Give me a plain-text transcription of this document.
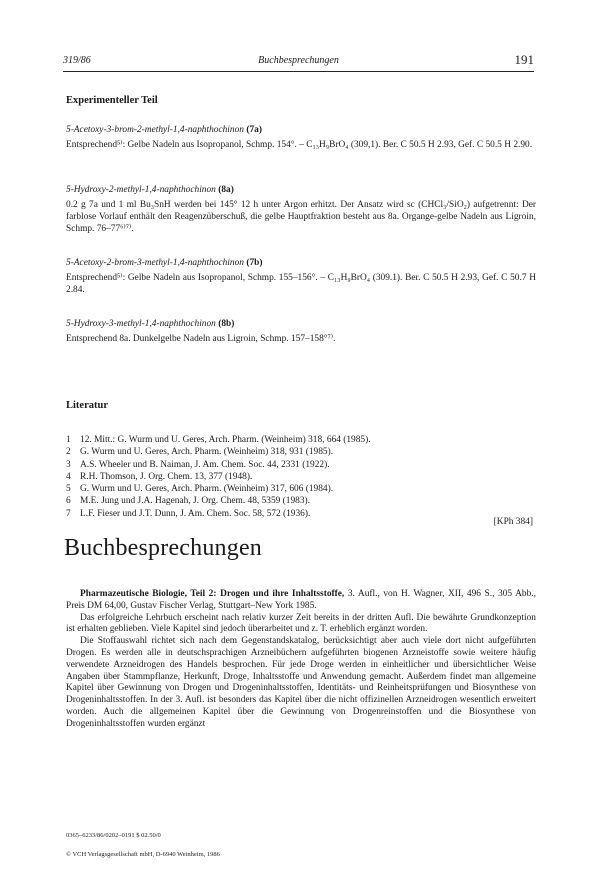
319/86	Buchbesprechungen	191

Experimenteller Teil

5-Acetoxy-3-brom-2-methyl-1,4-naphthochinon (7a)

Entsprechend⁵⁾: Gelbe Nadeln aus Isopropanol, Schmp. 154°. – C₁₃H₉BrO₄ (309,1). Ber. C 50.5 H 2.93, Gef. C 50.5 H 2.90.

5-Hydroxy-2-methyl-1,4-naphthochinon (8a)

0.2 g 7a und 1 ml Bu₃SnH werden bei 145° 12 h unter Argon erhitzt. Der Ansatz wird sc (CHCl₃/SiO₂) aufgetrennt: Der farblose Vorlauf enthält den Reagenzüberschuß, die gelbe Hauptfraktion besteht aus 8a. Organge-gelbe Nadeln aus Ligroin, Schmp. 76–77⁶⁾⁷⁾.

5-Acetoxy-2-brom-3-methyl-1,4-naphthochinon (7b)

Entsprechend⁵⁾: Gelbe Nadeln aus Isopropanol, Schmp. 155–156°. – C₁₃H₉BrO₄ (309.1). Ber. C 50.5 H 2.93, Gef. C 50.7 H 2.84.

5-Hydroxy-3-methyl-1,4-naphthochinon (8b)

Entsprechend 8a. Dunkelgelbe Nadeln aus Ligroin, Schmp. 157–158°⁷⁾.

Literatur

1 12. Mitt.: G. Wurm und U. Geres, Arch. Pharm. (Weinheim) 318, 664 (1985).
2 G. Wurm und U. Geres, Arch. Pharm. (Weinheim) 318, 931 (1985).
3 A.S. Wheeler und B. Naiman, J. Am. Chem. Soc. 44, 2331 (1922).
4 R.H. Thomson, J. Org. Chem. 13, 377 (1948).
5 G. Wurm und U. Geres, Arch. Pharm. (Weinheim) 317, 606 (1984).
6 M.E. Jung und J.A. Hagenah, J. Org. Chem. 48, 5359 (1983).
7 L.F. Fieser und J.T. Dunn, J. Am. Chem. Soc. 58, 572 (1936).
[KPh 384]
Buchbesprechungen

Pharmazeutische Biologie, Teil 2: Drogen und ihre Inhaltsstoffe, 3. Aufl., von H. Wagner, XII, 496 S., 305 Abb., Preis DM 64,00, Gustav Fischer Verlag, Stuttgart–New York 1985.

Das erfolgreiche Lehrbuch erscheint nach relativ kurzer Zeit bereits in der dritten Aufl. Die bewährte Grundkonzeption ist erhalten geblieben. Viele Kapitel sind jedoch überarbeitet und z. T. erheblich ergänzt worden.

Die Stoffauswahl richtet sich nach dem Gegenstandskatalog, berücksichtigt aber auch viele dort nicht aufgeführten Drogen. Es werden alle in deutschsprachigen Arzneibüchern aufgeführten biogenen Arzneistoffe sowie weitere häufig verwendete Arzneidrogen des Handels besprochen. Für jede Droge werden in einheitlicher und übersichtlicher Weise Angaben über Stammpflanze, Herkunft, Droge, Inhaltsstoffe und Anwendung gemacht. Außerdem findet man allgemeine Kapitel über Gewinnung von Drogen und Drogeninhaltsstoffen, Identitäts- und Reinheitsprüfungen und Biosynthese von Drogeninhaltsstoffen. In der 3. Aufl. ist besonders das Kapitel über die nicht offizinellen Arzneidrogen wesentlich erweitert worden. Auch die allgemeinen Kapitel über die Gewinnung von Drogenreinstoffen und die Biosynthese von Drogeninhaltsstoffen wurden ergänzt

0365–6233/86/0202–0191 $ 02.50/0
© VCH Verlagsgesellschaft mbH, D-6940 Weinheim, 1986
